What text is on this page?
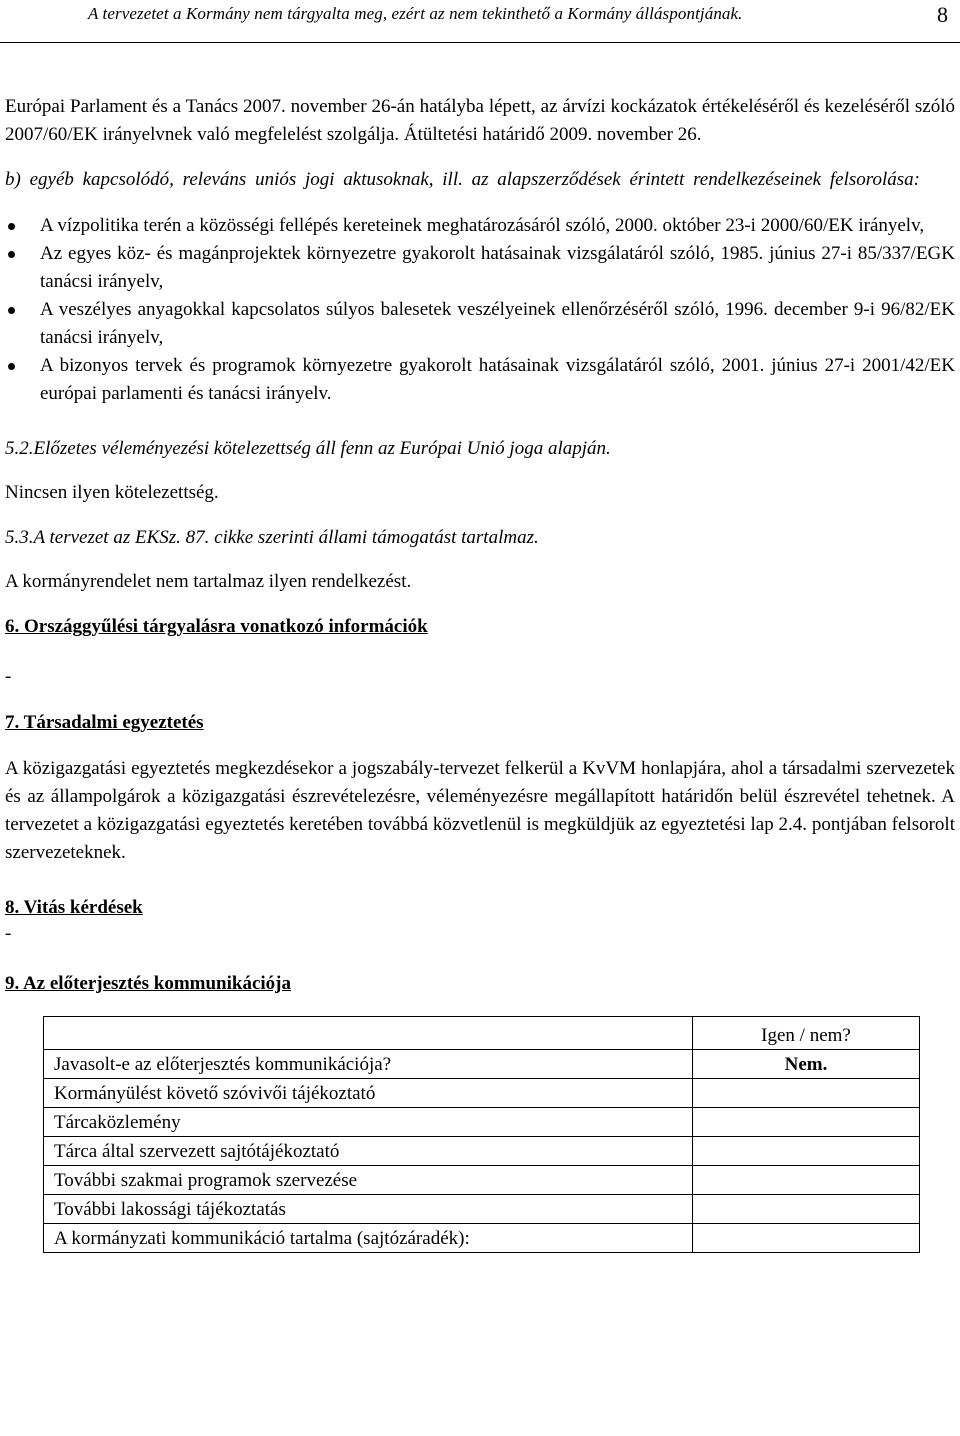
A tervezetet a Kormány nem tárgyalta meg, ezért az nem tekinthető a Kormány álláspontjának.	8

Európai Parlament és a Tanács 2007. november 26-án hatályba lépett, az árvízi kockázatok értékeléséről és kezeléséről szóló 2007/60/EK irányelvnek való megfelelést szolgálja. Átültetési határidő 2009. november 26.

b) egyéb kapcsolódó, releváns uniós jogi aktusoknak, ill. az alapszerződések érintett rendelkezéseinek felsorolása:

A vízpolitika terén a közösségi fellépés kereteinek meghatározásáról szóló, 2000. október 23-i 2000/60/EK irányelv,
Az egyes köz- és magánprojektek környezetre gyakorolt hatásainak vizsgálatáról szóló, 1985. június 27-i 85/337/EGK tanácsi irányelv,
A veszélyes anyagokkal kapcsolatos súlyos balesetek veszélyeinek ellenőrzéséről szóló, 1996. december 9-i 96/82/EK tanácsi irányelv,
A bizonyos tervek és programok környezetre gyakorolt hatásainak vizsgálatáról szóló, 2001. június 27-i 2001/42/EK európai parlamenti és tanácsi irányelv.

5.2.Előzetes véleményezési kötelezettség áll fenn az Európai Unió joga alapján.

Nincsen ilyen kötelezettség.

5.3.A tervezet az EKSz. 87. cikke szerinti állami támogatást tartalmaz.

A kormányrendelet nem tartalmaz ilyen rendelkezést.

6. Országgyűlési tárgyalásra vonatkozó információk

-

7. Társadalmi egyeztetés

A közigazgatási egyeztetés megkezdésekor a jogszabály-tervezet felkerül a KvVM honlapjára, ahol a társadalmi szervezetek és az állampolgárok a közigazgatási észrevételezésre, véleményezésre megállapított határidőn belül észrevétel tehetnek. A tervezetet a közigazgatási egyeztetés keretében továbbá közvetlenül is megküldjük az egyeztetési lap 2.4. pontjában felsorolt szervezeteknek.

8. Vitás kérdések

-

9. Az előterjesztés kommunikációja

	Igen / nem?
Javasolt-e az előterjesztés kommunikációja?	Nem.
Kormányülést követő szóvivői tájékoztató	
Tárcaközlemény	
Tárca által szervezett sajtótájékoztató	
További szakmai programok szervezése	
További lakossági tájékoztatás	
A kormányzati kommunikáció tartalma (sajtózáradék):	
